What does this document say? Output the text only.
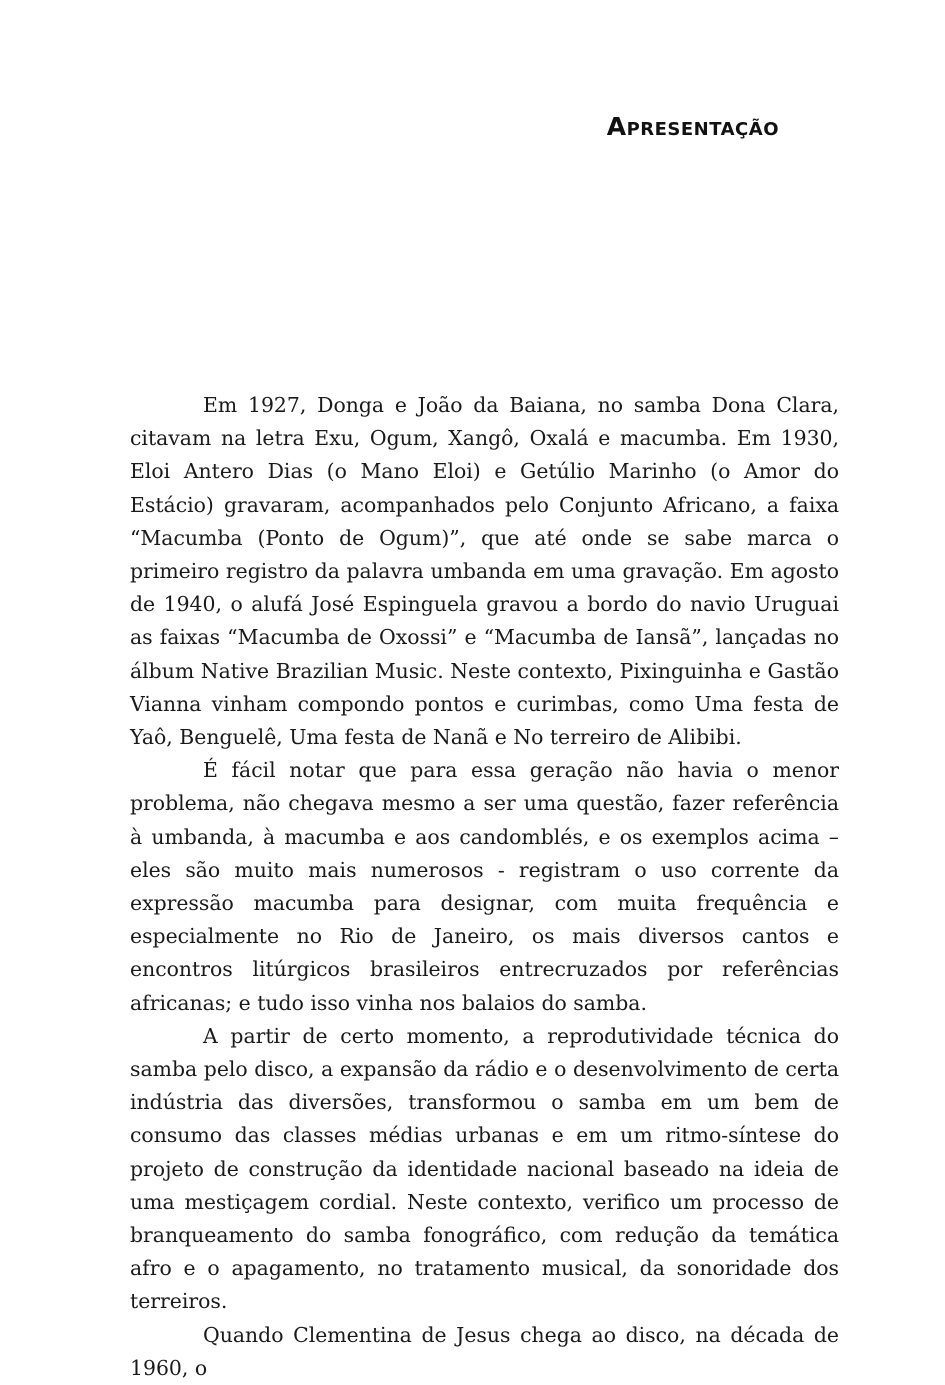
Apresentação

Em 1927, Donga e João da Baiana, no samba Dona Clara, citavam na letra Exu, Ogum, Xangô, Oxalá e macumba. Em 1930, Eloi Antero Dias (o Mano Eloi) e Getúlio Marinho (o Amor do Estácio) gravaram, acompanhados pelo Conjunto Africano, a faixa “Macumba (Ponto de Ogum)”, que até onde se sabe marca o primeiro registro da palavra umbanda em uma gravação. Em agosto de 1940, o alufá José Espinguela gravou a bordo do navio Uruguai as faixas “Macumba de Oxossi” e “Macumba de Iansã”, lançadas no álbum Native Brazilian Music. Neste contexto, Pixinguinha e Gastão Vianna vinham compondo pontos e curimbas, como Uma festa de Yaô, Benguelê, Uma festa de Nanã e No terreiro de Alibibi.

É fácil notar que para essa geração não havia o menor problema, não chegava mesmo a ser uma questão, fazer referência à umbanda, à macumba e aos candomblés, e os exemplos acima – eles são muito mais numerosos - registram o uso corrente da expressão macumba para designar, com muita frequência e especialmente no Rio de Janeiro, os mais diversos cantos e encontros litúrgicos brasileiros entrecruzados por referências africanas; e tudo isso vinha nos balaios do samba.

A partir de certo momento, a reprodutividade técnica do samba pelo disco, a expansão da rádio e o desenvolvimento de certa indústria das diversões, transformou o samba em um bem de consumo das classes médias urbanas e em um ritmo-síntese do projeto de construção da identidade nacional baseado na ideia de uma mestiçagem cordial. Neste contexto, verifico um processo de branqueamento do samba fonográfico, com redução da temática afro e o apagamento, no tratamento musical, da sonoridade dos terreiros.

Quando Clementina de Jesus chega ao disco, na década de 1960, o
